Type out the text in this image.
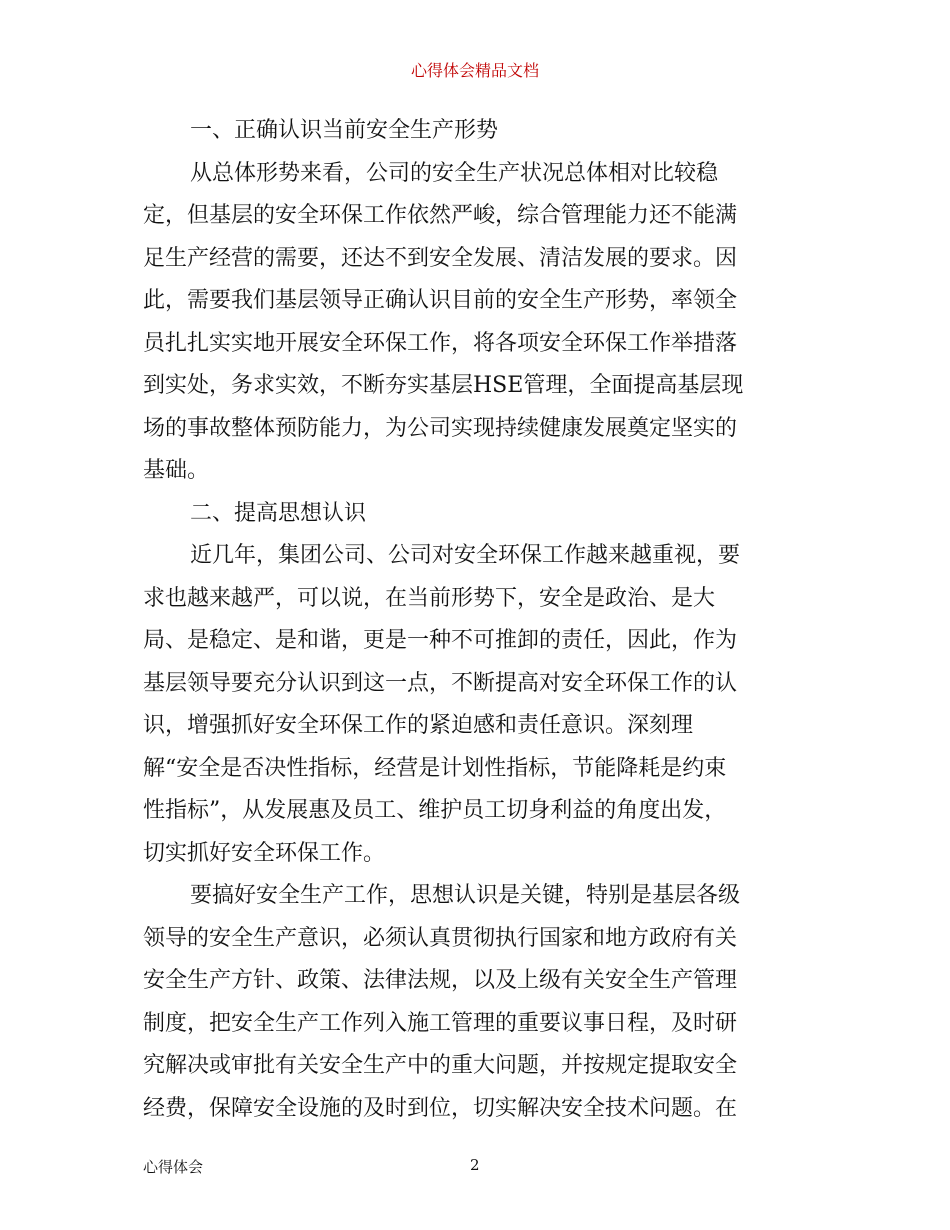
心得体会精品文档
一、正确认识当前安全生产形势
从总体形势来看，公司的安全生产状况总体相对比较稳
定，但基层的安全环保工作依然严峻，综合管理能力还不能满
足生产经营的需要，还达不到安全发展、清洁发展的要求。因
此，需要我们基层领导正确认识目前的安全生产形势，率领全
员扎扎实实地开展安全环保工作，将各项安全环保工作举措落
到实处，务求实效，不断夯实基层HSE管理，全面提高基层现
场的事故整体预防能力，为公司实现持续健康发展奠定坚实的
基础。
二、提高思想认识
近几年，集团公司、公司对安全环保工作越来越重视，要
求也越来越严，可以说，在当前形势下，安全是政治、是大
局、是稳定、是和谐，更是一种不可推卸的责任，因此，作为
基层领导要充分认识到这一点，不断提高对安全环保工作的认
识，增强抓好安全环保工作的紧迫感和责任意识。深刻理
解“安全是否决性指标，经营是计划性指标，节能降耗是约束
性指标”，从发展惠及员工、维护员工切身利益的角度出发，
切实抓好安全环保工作。
要搞好安全生产工作，思想认识是关键，特别是基层各级
领导的安全生产意识，必须认真贯彻执行国家和地方政府有关
安全生产方针、政策、法律法规，以及上级有关安全生产管理
制度，把安全生产工作列入施工管理的重要议事日程，及时研
究解决或审批有关安全生产中的重大问题，并按规定提取安全
经费，保障安全设施的及时到位，切实解决安全技术问题。在
心得体会	2
